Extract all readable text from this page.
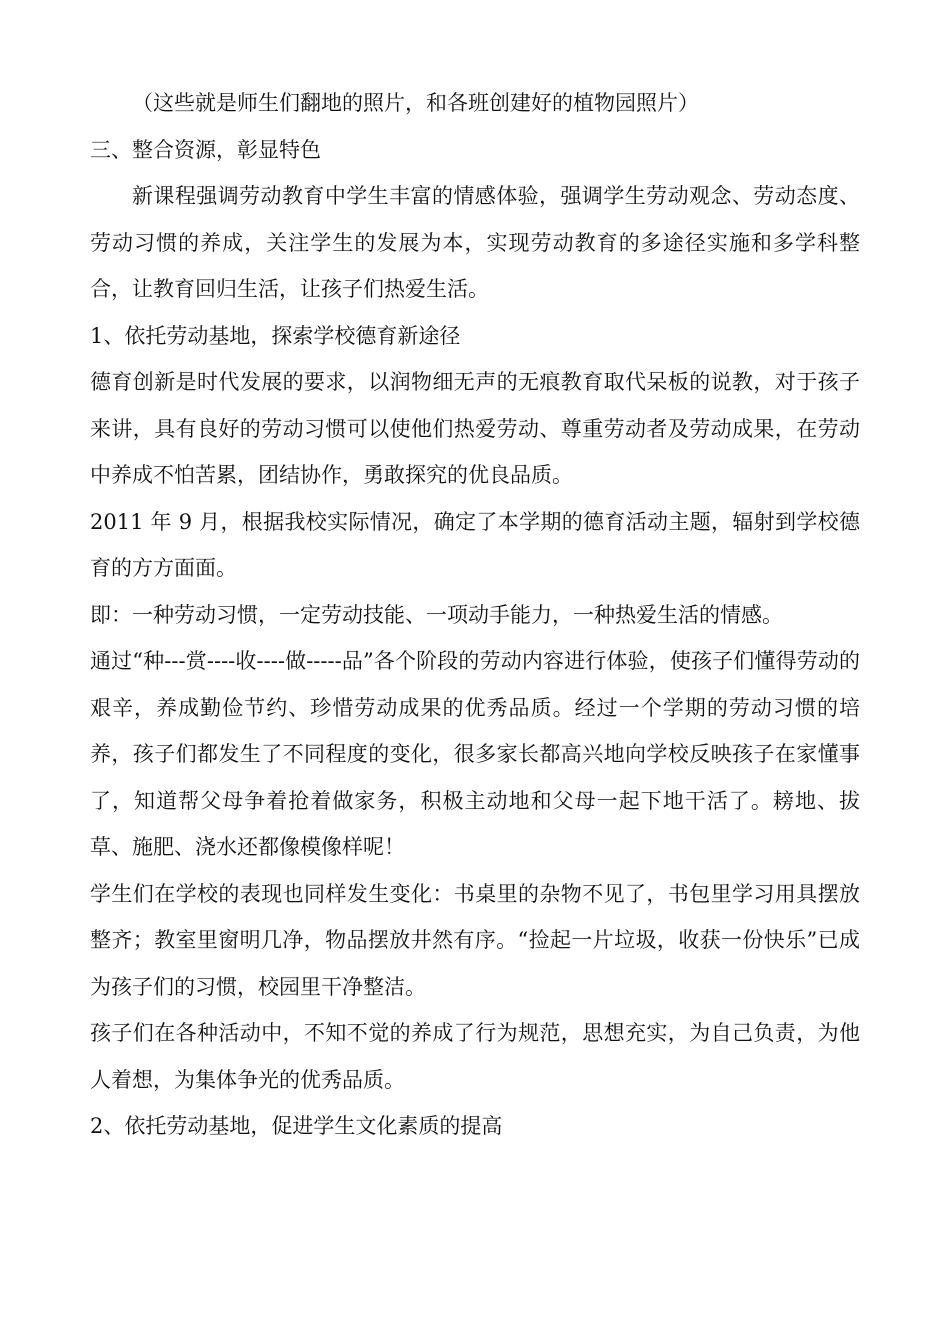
（这些就是师生们翻地的照片，和各班创建好的植物园照片）

三、整合资源，彰显特色

新课程强调劳动教育中学生丰富的情感体验，强调学生劳动观念、劳动态度、劳动习惯的养成，关注学生的发展为本，实现劳动教育的多途径实施和多学科整合，让教育回归生活，让孩子们热爱生活。

1、依托劳动基地，探索学校德育新途径

德育创新是时代发展的要求，以润物细无声的无痕教育取代呆板的说教，对于孩子来讲，具有良好的劳动习惯可以使他们热爱劳动、尊重劳动者及劳动成果，在劳动中养成不怕苦累，团结协作，勇敢探究的优良品质。

2011 年 9 月，根据我校实际情况，确定了本学期的德育活动主题，辐射到学校德育的方方面面。

即：一种劳动习惯，一定劳动技能、一项动手能力，一种热爱生活的情感。

通过“种---赏----收----做-----品”各个阶段的劳动内容进行体验，使孩子们懂得劳动的艰辛，养成勤俭节约、珍惜劳动成果的优秀品质。经过一个学期的劳动习惯的培养，孩子们都发生了不同程度的变化，很多家长都高兴地向学校反映孩子在家懂事了，知道帮父母争着抢着做家务，积极主动地和父母一起下地干活了。耪地、拔草、施肥、浇水还都像模像样呢！

学生们在学校的表现也同样发生变化：书桌里的杂物不见了，书包里学习用具摆放整齐；教室里窗明几净，物品摆放井然有序。“捡起一片垃圾，收获一份快乐”已成为孩子们的习惯，校园里干净整洁。

孩子们在各种活动中，不知不觉的养成了行为规范，思想充实，为自己负责，为他人着想，为集体争光的优秀品质。

2、依托劳动基地，促进学生文化素质的提高
